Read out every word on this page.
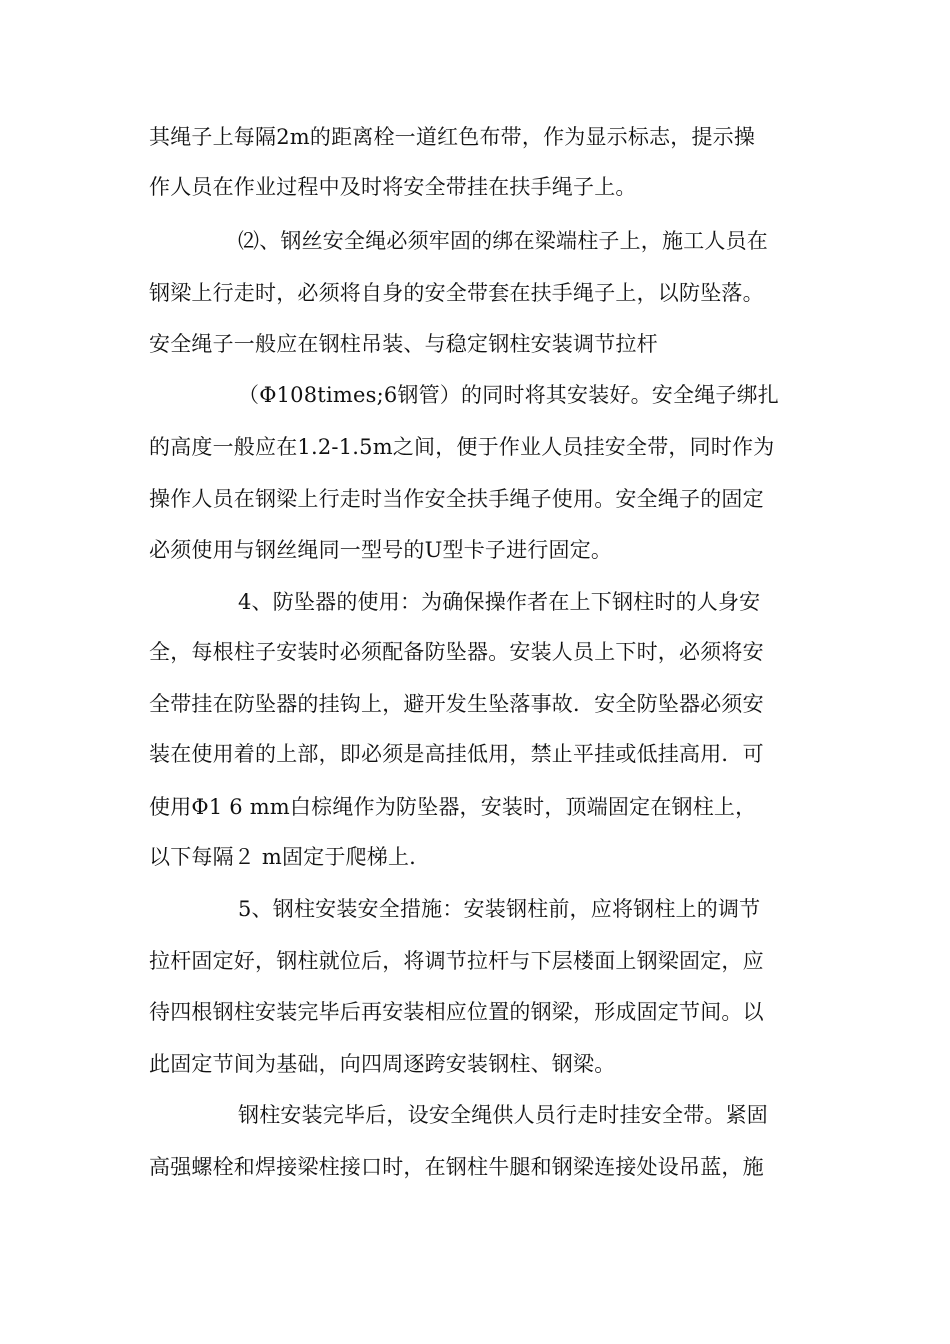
其绳子上每隔2m的距离栓一道红色布带，作为显示标志，提示操
作人员在作业过程中及时将安全带挂在扶手绳子上。
⑵、钢丝安全绳必须牢固的绑在梁端柱子上，施工人员在
钢梁上行走时，必须将自身的安全带套在扶手绳子上，以防坠落。
安全绳子一般应在钢柱吊装、与稳定钢柱安装调节拉杆
（Φ108times;6钢管）的同时将其安装好。安全绳子绑扎
的高度一般应在1.2-1.5m之间，便于作业人员挂安全带，同时作为
操作人员在钢梁上行走时当作安全扶手绳子使用。安全绳子的固定
必须使用与钢丝绳同一型号的U型卡子进行固定。
4、防坠器的使用：为确保操作者在上下钢柱时的人身安
全，每根柱子安装时必须配备防坠器。安装人员上下时，必须将安
全带挂在防坠器的挂钩上，避开发生坠落事故．安全防坠器必须安
装在使用着的上部，即必须是高挂低用，禁止平挂或低挂高用．可
使用Φ1 6 mm白棕绳作为防坠器，安装时，顶端固定在钢柱上，
以下每隔２ m固定于爬梯上.
5、钢柱安装安全措施：安装钢柱前，应将钢柱上的调节
拉杆固定好，钢柱就位后，将调节拉杆与下层楼面上钢梁固定，应
待四根钢柱安装完毕后再安装相应位置的钢梁，形成固定节间。以
此固定节间为基础，向四周逐跨安装钢柱、钢梁。
钢柱安装完毕后，设安全绳供人员行走时挂安全带。紧固
高强螺栓和焊接梁柱接口时，在钢柱牛腿和钢梁连接处设吊蓝，施
